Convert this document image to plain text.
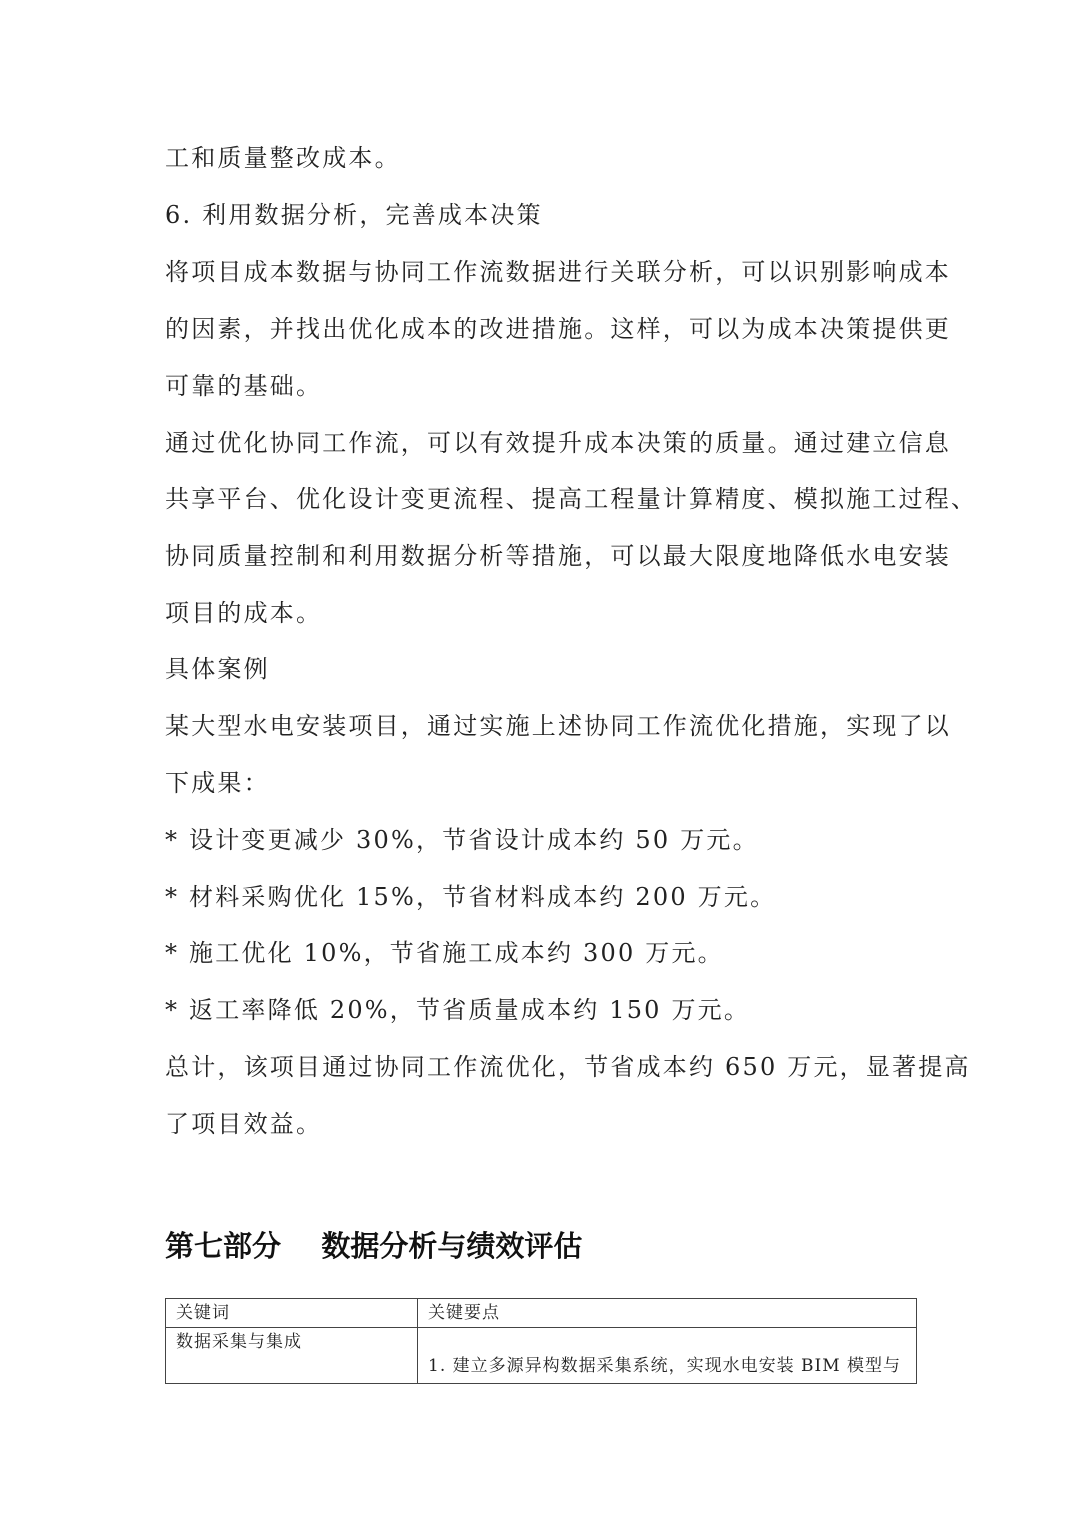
工和质量整改成本。
6. 利用数据分析，完善成本决策
将项目成本数据与协同工作流数据进行关联分析，可以识别影响成本
的因素，并找出优化成本的改进措施。这样，可以为成本决策提供更
可靠的基础。
通过优化协同工作流，可以有效提升成本决策的质量。通过建立信息
共享平台、优化设计变更流程、提高工程量计算精度、模拟施工过程、
协同质量控制和利用数据分析等措施，可以最大限度地降低水电安装
项目的成本。
具体案例
某大型水电安装项目，通过实施上述协同工作流优化措施，实现了以
下成果：
* 设计变更减少 30%，节省设计成本约 50 万元。
* 材料采购优化 15%，节省材料成本约 200 万元。
* 施工优化 10%，节省施工成本约 300 万元。
* 返工率降低 20%，节省质量成本约 150 万元。
总计，该项目通过协同工作流优化，节省成本约 650 万元，显著提高
了项目效益。
第七部分    数据分析与绩效评估
关键词	关键要点

数据采集与集成	1. 建立多源异构数据采集系统，实现水电安装 BIM 模型与
